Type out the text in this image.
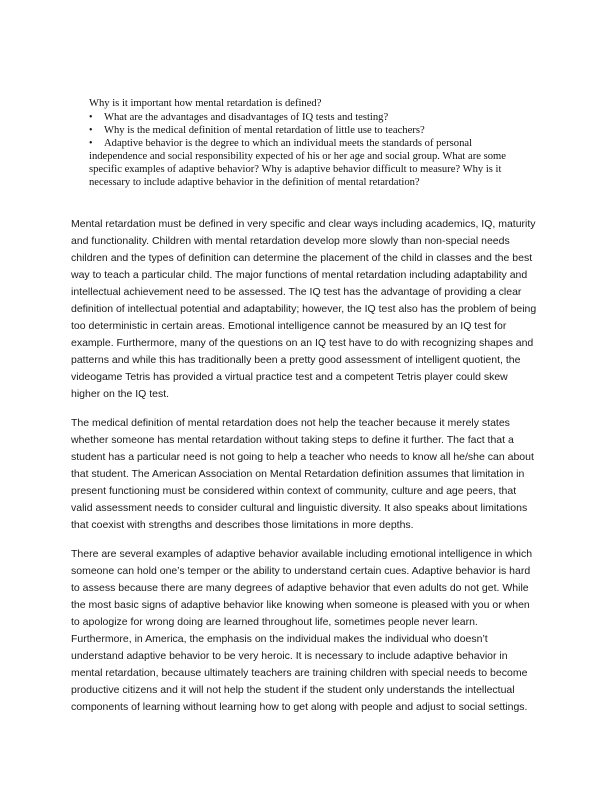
Why is it important how mental retardation is defined?
• What are the advantages and disadvantages of IQ tests and testing?
• Why is the medical definition of mental retardation of little use to teachers?
• Adaptive behavior is the degree to which an individual meets the standards of personal independence and social responsibility expected of his or her age and social group. What are some specific examples of adaptive behavior? Why is adaptive behavior difficult to measure? Why is it necessary to include adaptive behavior in the definition of mental retardation?

Mental retardation must be defined in very specific and clear ways including academics, IQ, maturity and functionality. Children with mental retardation develop more slowly than non-special needs children and the types of definition can determine the placement of the child in classes and the best way to teach a particular child. The major functions of mental retardation including adaptability and intellectual achievement need to be assessed. The IQ test has the advantage of providing a clear definition of intellectual potential and adaptability; however, the IQ test also has the problem of being too deterministic in certain areas. Emotional intelligence cannot be measured by an IQ test for example. Furthermore, many of the questions on an IQ test have to do with recognizing shapes and patterns and while this has traditionally been a pretty good assessment of intelligent quotient, the videogame Tetris has provided a virtual practice test and a competent Tetris player could skew higher on the IQ test.

The medical definition of mental retardation does not help the teacher because it merely states whether someone has mental retardation without taking steps to define it further. The fact that a student has a particular need is not going to help a teacher who needs to know all he/she can about that student. The American Association on Mental Retardation definition assumes that limitation in present functioning must be considered within context of community, culture and age peers, that valid assessment needs to consider cultural and linguistic diversity. It also speaks about limitations that coexist with strengths and describes those limitations in more depths.

There are several examples of adaptive behavior available including emotional intelligence in which someone can hold one’s temper or the ability to understand certain cues. Adaptive behavior is hard to assess because there are many degrees of adaptive behavior that even adults do not get. While the most basic signs of adaptive behavior like knowing when someone is pleased with you or when to apologize for wrong doing are learned throughout life, sometimes people never learn. Furthermore, in America, the emphasis on the individual makes the individual who doesn’t understand adaptive behavior to be very heroic. It is necessary to include adaptive behavior in mental retardation, because ultimately teachers are training children with special needs to become productive citizens and it will not help the student if the student only understands the intellectual components of learning without learning how to get along with people and adjust to social settings.
